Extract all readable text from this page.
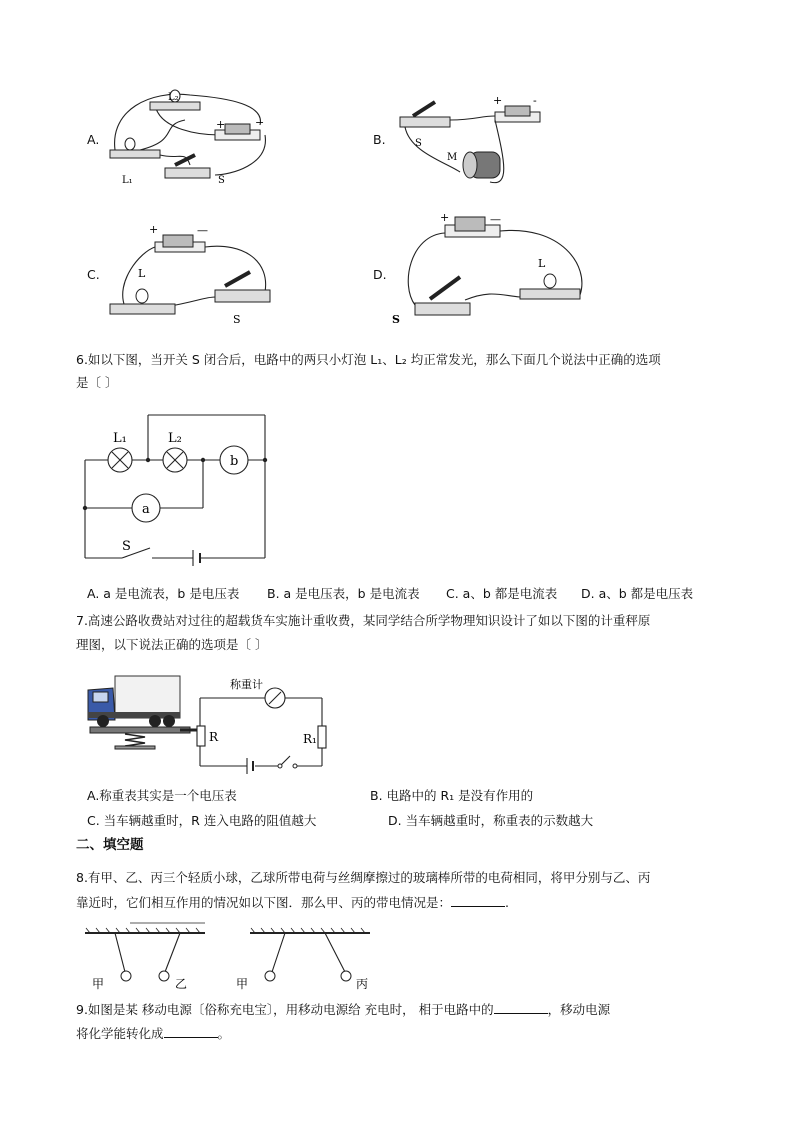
A.
L₂
L₁	S
+	−
B.	S
M
+	-
C.
+	—
L
S
D.
+	—
L
S
6.如以下图，当开关 S 闭合后，电路中的两只小灯泡 L₁、L₂ 均正常发光，那么下面几个说法中正确的选项
是〔 〕
L₁	L₂
b
a
S
A. a 是电流表，b 是电压表 B. a 是电压表，b 是电流表 C. a、b 都是电流表 D. a、b 都是电压表
7.高速公路收费站对过往的超载货车实施计重收费，某同学结合所学物理知识设计了如以下图的计重秤原
理图，以下说法正确的选项是〔 〕
称重计
R	R₁
A.称重表其实是一个电压表	B. 电路中的 R₁ 是没有作用的
C. 当车辆越重时，R 连入电路的阻值越大	D. 当车辆越重时，称重表的示数越大
二、填空题
8.有甲、乙、丙三个轻质小球，乙球所带电荷与丝绸摩擦过的玻璃棒所带的电荷相同，将甲分别与乙、丙
靠近时，它们相互作用的情况如以下图．那么甲、丙的带电情况是：	.
甲	乙	甲	丙
9.如图是某 移动电源〔俗称充电宝〕，用移动电源给 充电时， 相于电路中的	，移动电源
将化学能转化成	。
